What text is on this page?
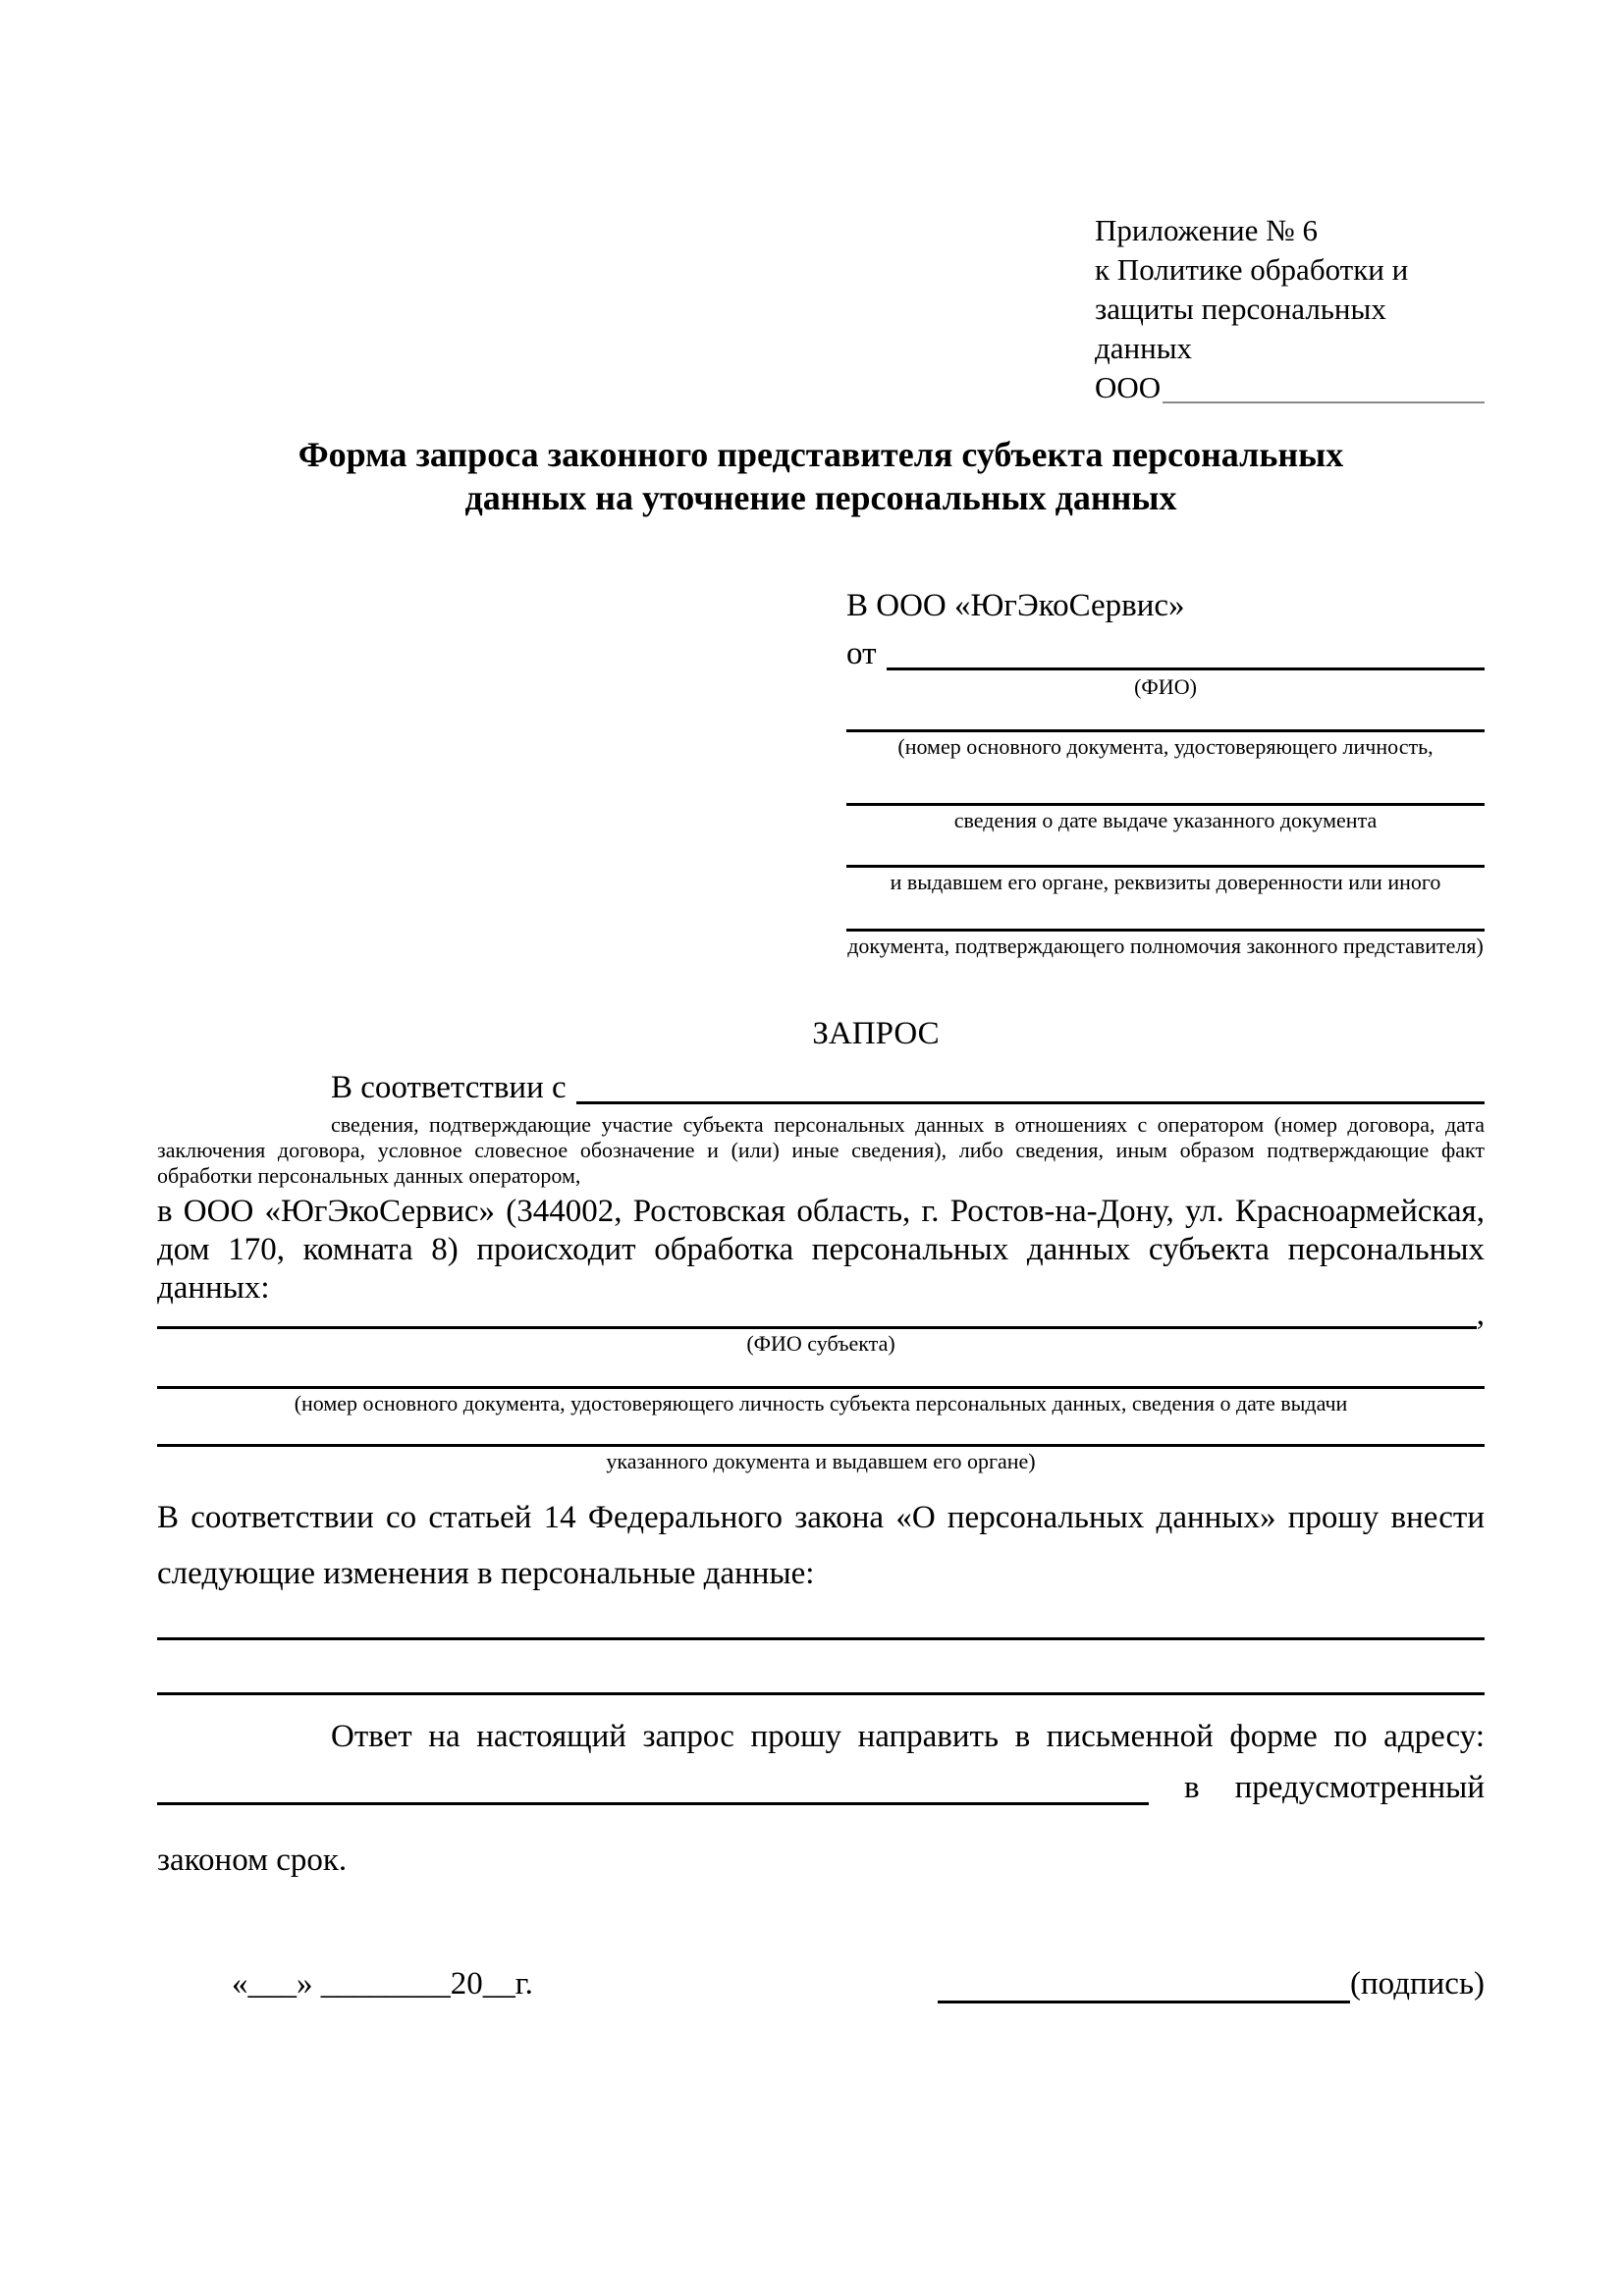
Приложение № 6
к Политике обработки и
защиты персональных данных
ООО
Форма запроса законного представителя субъекта персональных
данных на уточнение персональных данных
В ООО «ЮгЭкоСервис»
от
(ФИО)
(номер основного документа, удостоверяющего личность,
сведения о дате выдаче указанного документа
и выдавшем его органе, реквизиты доверенности или иного
документа, подтверждающего полномочия законного представителя)
ЗАПРОС
В соответствии с
сведения, подтверждающие участие субъекта персональных данных в отношениях с оператором (номер договора, дата заключения договора, условное словесное обозначение и (или) иные сведения), либо сведения, иным образом подтверждающие факт обработки персональных данных оператором,
в ООО «ЮгЭкоСервис» (344002, Ростовская область, г. Ростов-на-Дону, ул. Красноармейская, дом 170, комната 8) происходит обработка персональных данных субъекта персональных данных:
,
(ФИО субъекта)
(номер основного документа, удостоверяющего личность субъекта персональных данных, сведения о дате выдачи
указанного документа и выдавшем его органе)
В соответствии со статьей 14 Федерального закона «О персональных данных» прошу внести следующие изменения в персональные данные:
Ответ на настоящий запрос прошу направить в письменной форме по адресу:
в предусмотренный
законом срок.
«___» ________20__г.	(подпись)
